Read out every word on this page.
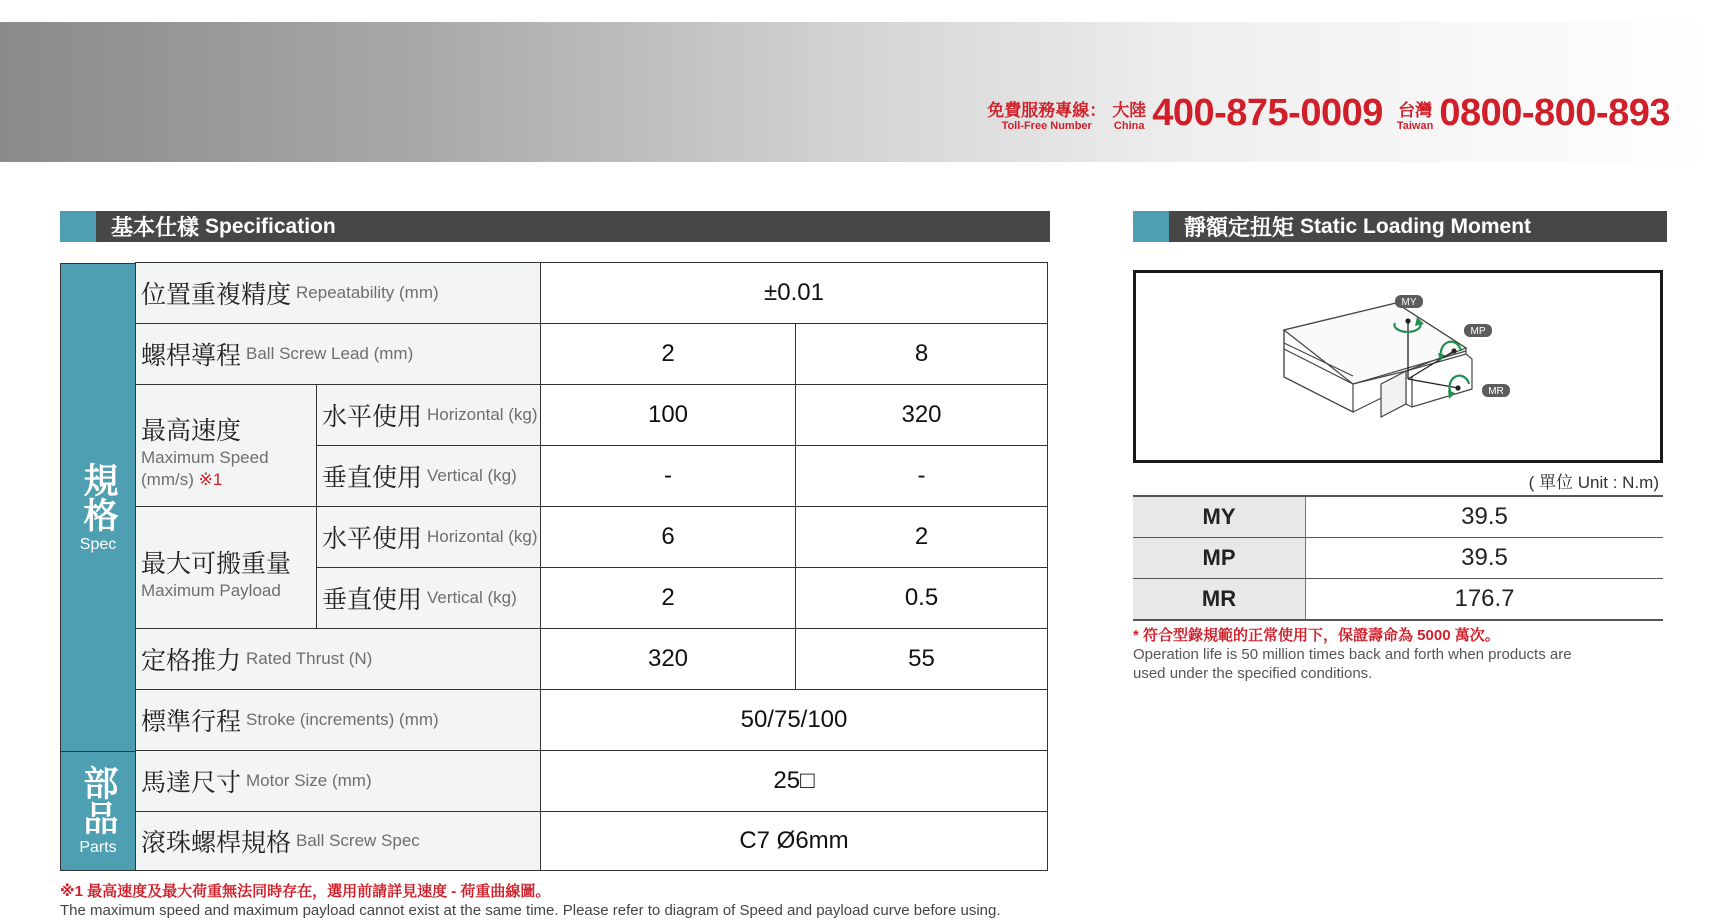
免費服務專線：
Toll-Free Number
大陸
China 400-875-0009 台灣
Taiwan 0800-800-893
基本仕樣 Specification
規格
Spec
部品
Parts
位置重複精度 Repeatability (mm)	±0.01
螺桿導程 Ball Screw Lead (mm)	2	8
最高速度
Maximum Speed
(mm/s) ※1
水平使用 Horizontal (kg)	100	320
垂直使用 Vertical (kg)	-	-
最大可搬重量
Maximum Payload
水平使用 Horizontal (kg)	6	2
垂直使用 Vertical (kg)	2	0.5
定格推力 Rated Thrust (N)	320	55
標準行程 Stroke (increments) (mm)	50/75/100
馬達尺寸 Motor Size (mm)	25□
滾珠螺桿規格 Ball Screw Spec	C7 Ø6mm
※1 最高速度及最大荷重無法同時存在，選用前請詳見速度 - 荷重曲線圖。
The maximum speed and maximum payload cannot exist at the same time. Please refer to diagram of Speed and payload curve before using.
靜額定扭矩 Static Loading Moment
MY
MP
MR
( 單位 Unit : N.m)
MY	39.5
MP	39.5
MR	176.7
* 符合型錄規範的正常使用下，保證壽命為 5000 萬次。
Operation life is 50 million times back and forth when products are
used under the specified conditions.
